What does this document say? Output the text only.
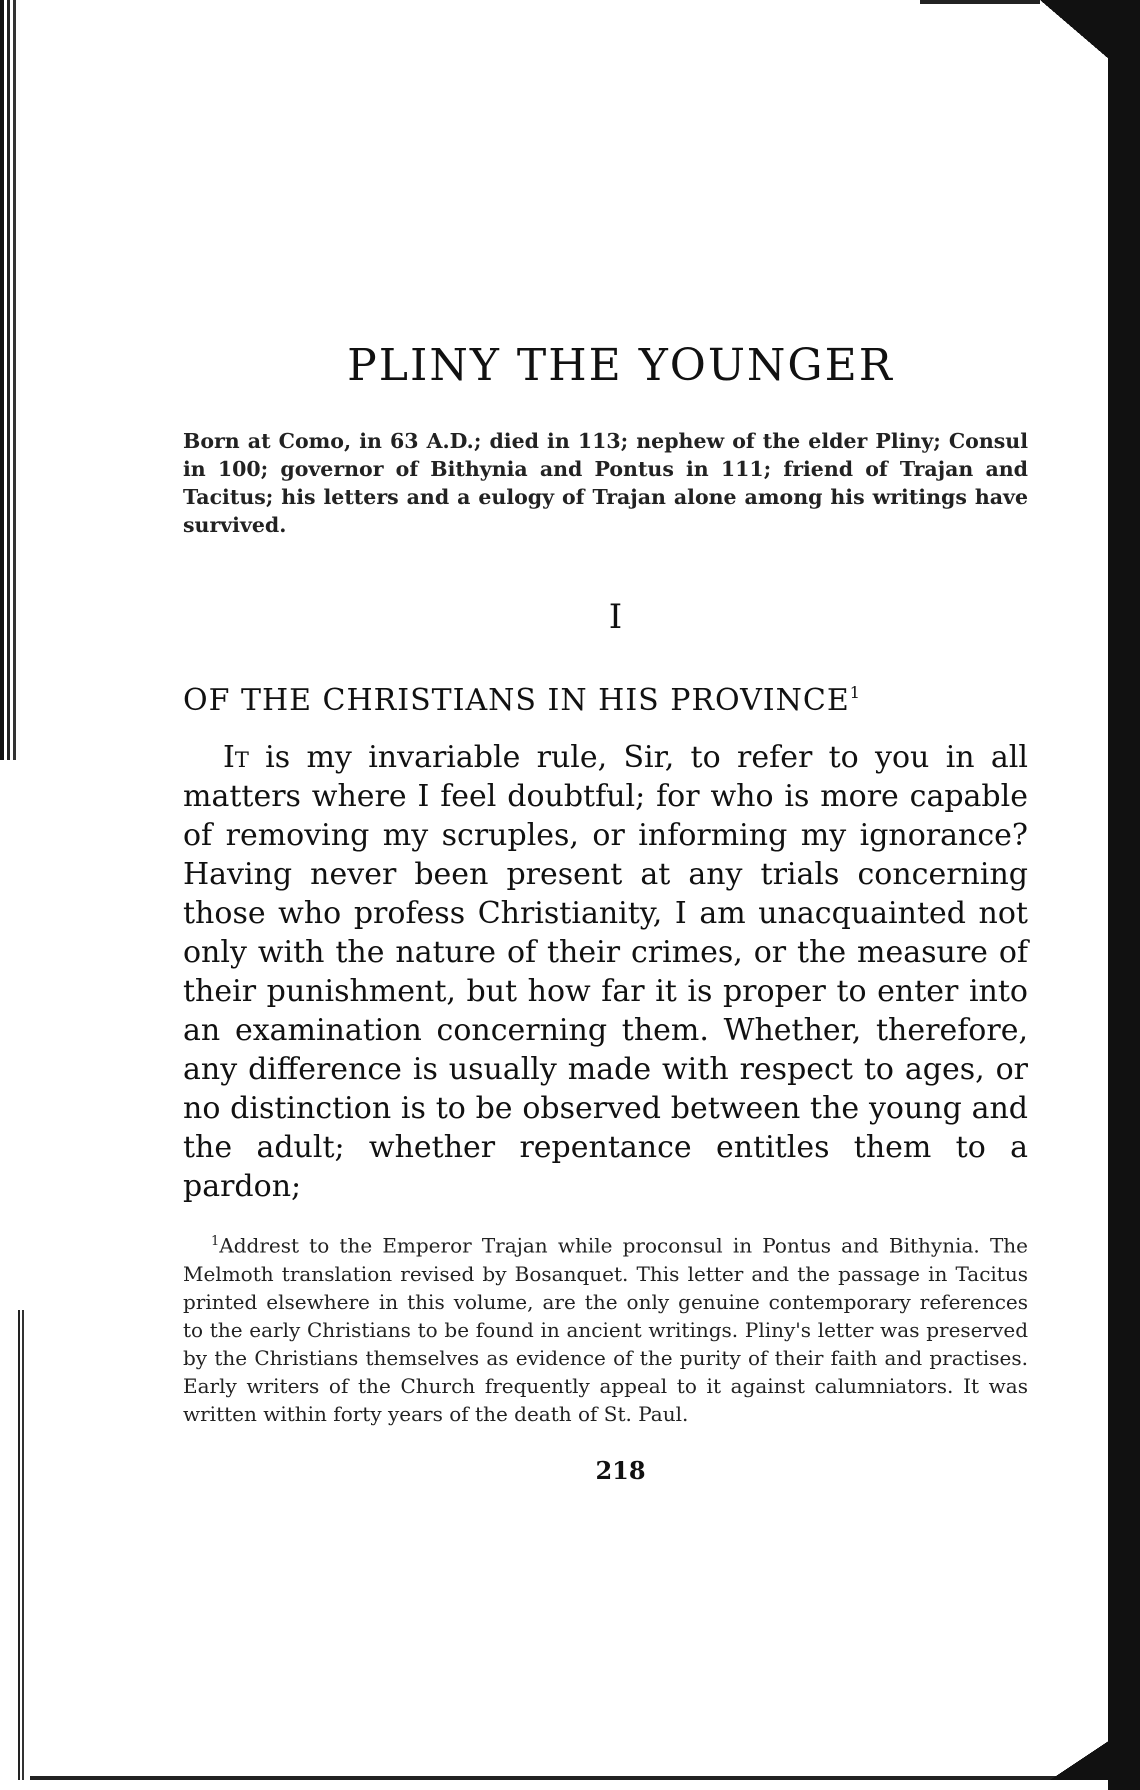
PLINY THE YOUNGER

Born at Como, in 63 A.D.; died in 113; nephew of the elder Pliny; Consul in 100; governor of Bithynia and Pontus in 111; friend of Trajan and Tacitus; his letters and a eulogy of Trajan alone among his writings have survived.

I
OF THE CHRISTIANS IN HIS PROVINCE$^1$

It is my invariable rule, Sir, to refer to you in all matters where I feel doubtful; for who is more capable of removing my scruples, or informing my ignorance? Having never been present at any trials concerning those who profess Christianity, I am unacquainted not only with the nature of their crimes, or the measure of their punishment, but how far it is proper to enter into an examination concerning them. Whether, therefore, any difference is usually made with respect to ages, or no distinction is to be observed between the young and the adult; whether repentance entitles them to a pardon;

$^1$Addrest to the Emperor Trajan while proconsul in Pontus and Bithynia. The Melmoth translation revised by Bosanquet. This letter and the passage in Tacitus printed elsewhere in this volume, are the only genuine contemporary references to the early Christians to be found in ancient writings. Pliny's letter was preserved by the Christians themselves as evidence of the purity of their faith and practises. Early writers of the Church frequently appeal to it against calumniators. It was written within forty years of the death of St. Paul.

218
